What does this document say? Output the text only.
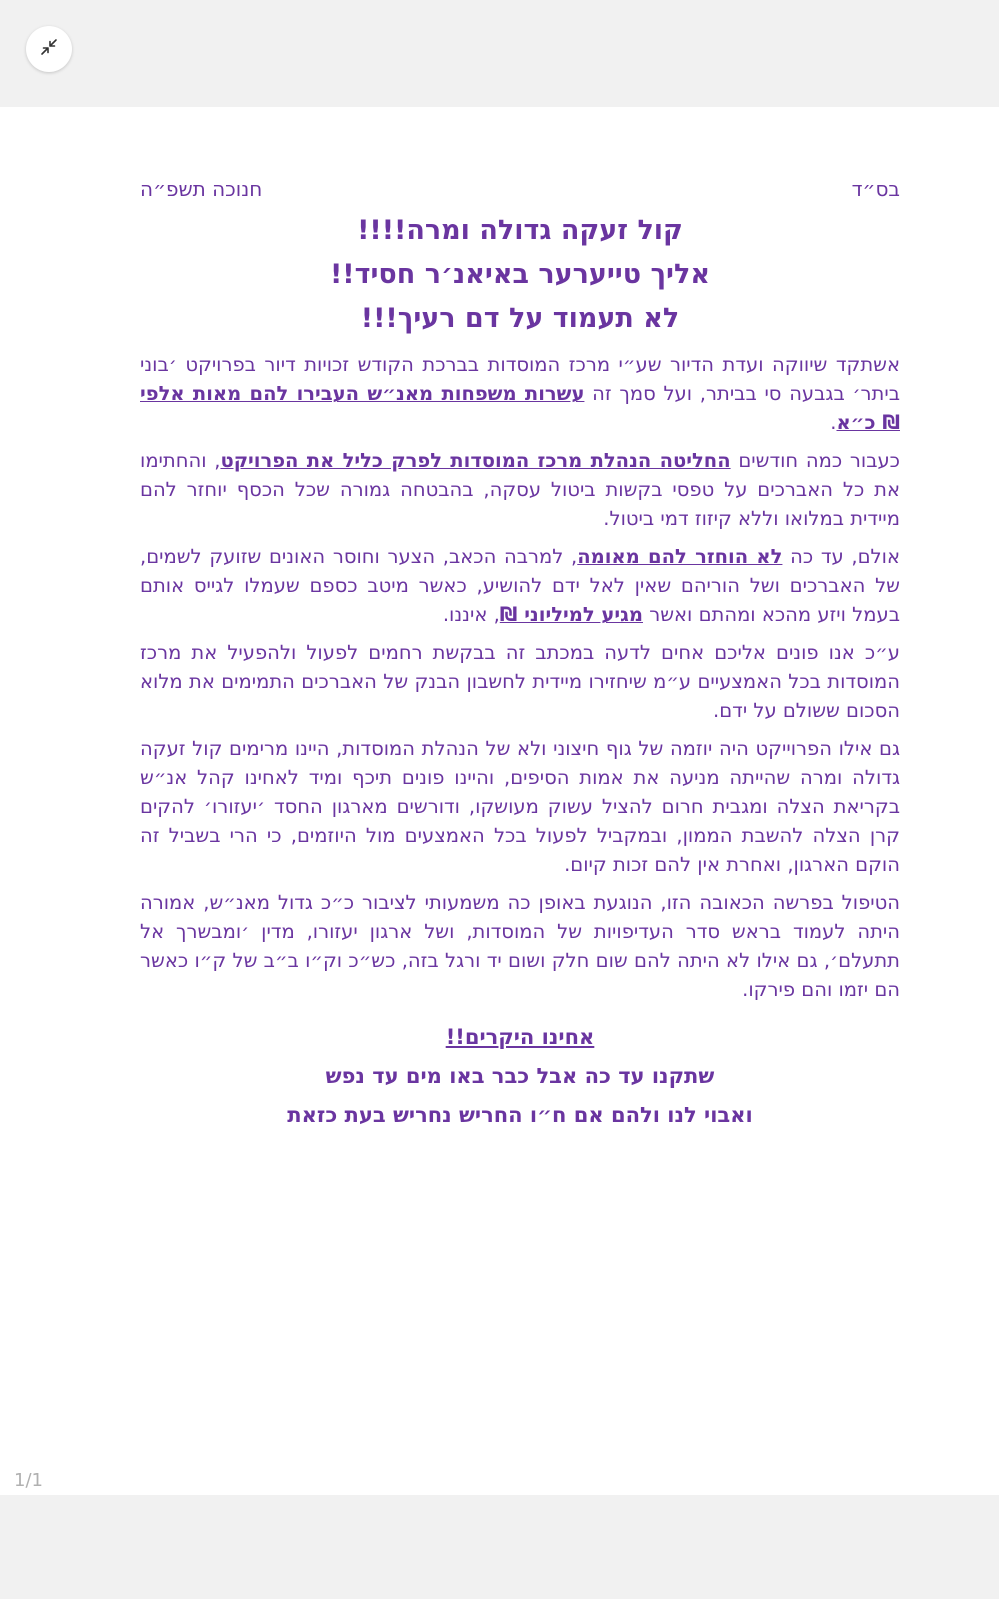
בס״ד
חנוכה תשפ״ה
קול זעקה גדולה ומרה!!!!
אליך טייערער באיאנ׳ר חסיד!!
לא תעמוד על דם רעיך!!!
אשתקד שיווקה ועדת הדיור שע״י מרכז המוסדות בברכת הקודש זכויות דיור בפרויקט ׳בוני ביתר׳ בגבעה סי בביתר, ועל סמך זה עשרות משפחות מאנ״ש העבירו להם מאות אלפי ₪ כ״א.
כעבור כמה חודשים החליטה הנהלת מרכז המוסדות לפרק כליל את הפרויקט, והחתימו את כל האברכים על טפסי בקשות ביטול עסקה, בהבטחה גמורה שכל הכסף יוחזר להם מיידית במלואו וללא קיזוז דמי ביטול.
אולם, עד כה לא הוחזר להם מאומה, למרבה הכאב, הצער וחוסר האונים שזועק לשמים, של האברכים ושל הוריהם שאין לאל ידם להושיע, כאשר מיטב כספם שעמלו לגייס אותם בעמל ויזע מהכא ומהתם ואשר מגיע למיליוני ₪, איננו.
ע״כ אנו פונים אליכם אחים לדעה במכתב זה בבקשת רחמים לפעול ולהפעיל את מרכז המוסדות בכל האמצעיים ע״מ שיחזירו מיידית לחשבון הבנק של האברכים התמימים את מלוא הסכום ששולם על ידם.
גם אילו הפרוייקט היה יוזמה של גוף חיצוני ולא של הנהלת המוסדות, היינו מרימים קול זעקה גדולה ומרה שהייתה מניעה את אמות הסיפים, והיינו פונים תיכף ומיד לאחינו קהל אנ״ש בקריאת הצלה ומגבית חרום להציל עשוק מעושקו, ודורשים מארגון החסד ׳יעזורו׳ להקים קרן הצלה להשבת הממון, ובמקביל לפעול בכל האמצעים מול היוזמים, כי הרי בשביל זה הוקם הארגון, ואחרת אין להם זכות קיום.
הטיפול בפרשה הכאובה הזו, הנוגעת באופן כה משמעותי לציבור כ״כ גדול מאנ״ש, אמורה היתה לעמוד בראש סדר העדיפויות של המוסדות, ושל ארגון יעזורו, מדין ׳ומבשרך אל תתעלם׳, גם אילו לא היתה להם שום חלק ושום יד ורגל בזה, כש״כ וק״ו ב״ב של ק״ו כאשר הם יזמו והם פירקו.
אחינו היקרים!!
שתקנו עד כה אבל כבר באו מים עד נפש
ואבוי לנו ולהם אם ח״ו החריש נחריש בעת כזאת
1/1
